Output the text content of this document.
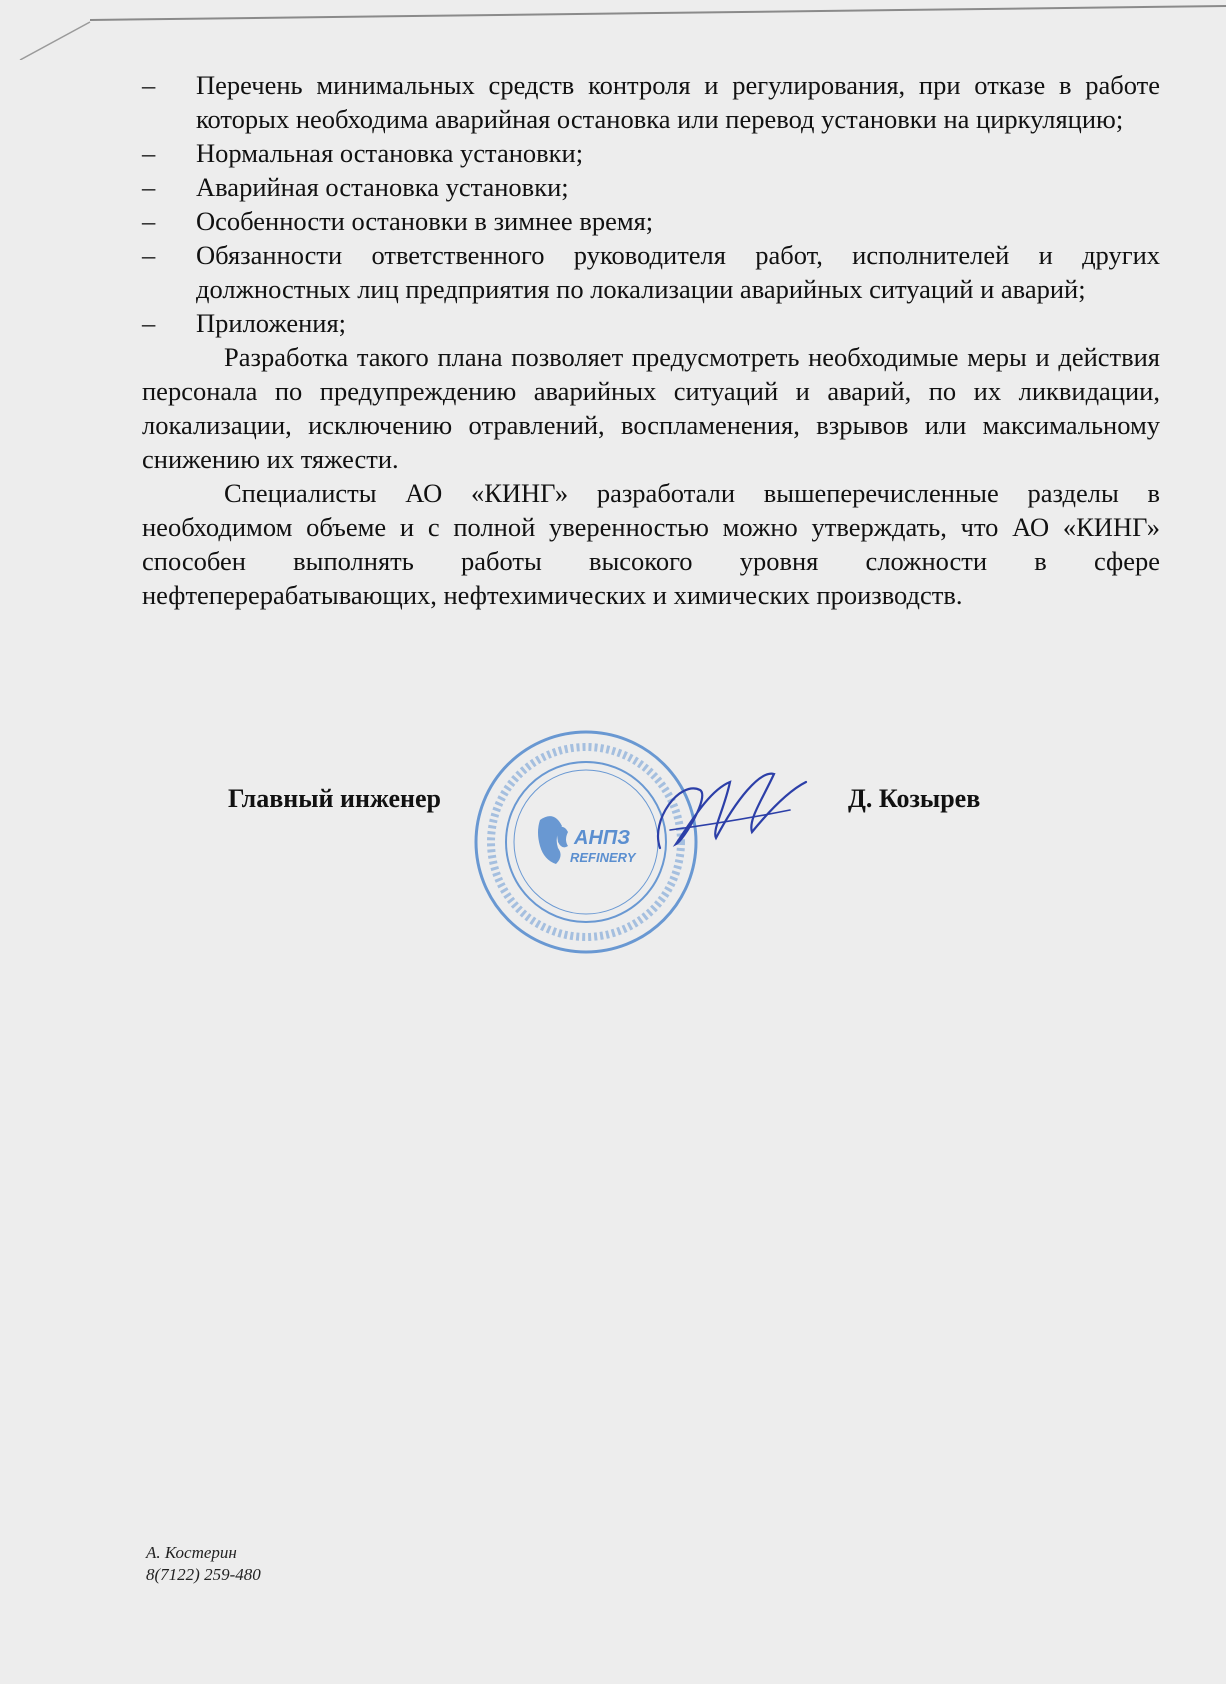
–	Перечень минимальных средств контроля и регулирования, при отказе в работе которых необходима аварийная остановка или перевод установки на циркуляцию;
–	Нормальная остановка установки;
–	Аварийная остановка установки;
–	Особенности остановки в зимнее время;
–	Обязанности ответственного руководителя работ, исполнителей и других должностных лиц предприятия по локализации аварийных ситуаций и аварий;
–	Приложения;

Разработка такого плана позволяет предусмотреть необходимые меры и действия персонала по предупреждению аварийных ситуаций и аварий, по их ликвидации, локализации, исключению отравлений, воспламенения, взрывов или максимальному снижению их тяжести.

Специалисты АО «КИНГ» разработали вышеперечисленные разделы в необходимом объеме и с полной уверенностью можно утверждать, что АО «КИНГ» способен выполнять работы высокого уровня сложности в сфере нефтеперерабатывающих, нефтехимических и химических производств.

Главный инженер	Д. Козырев
АНПЗ
REFINERY
А. Костерин
8(7122) 259-480
